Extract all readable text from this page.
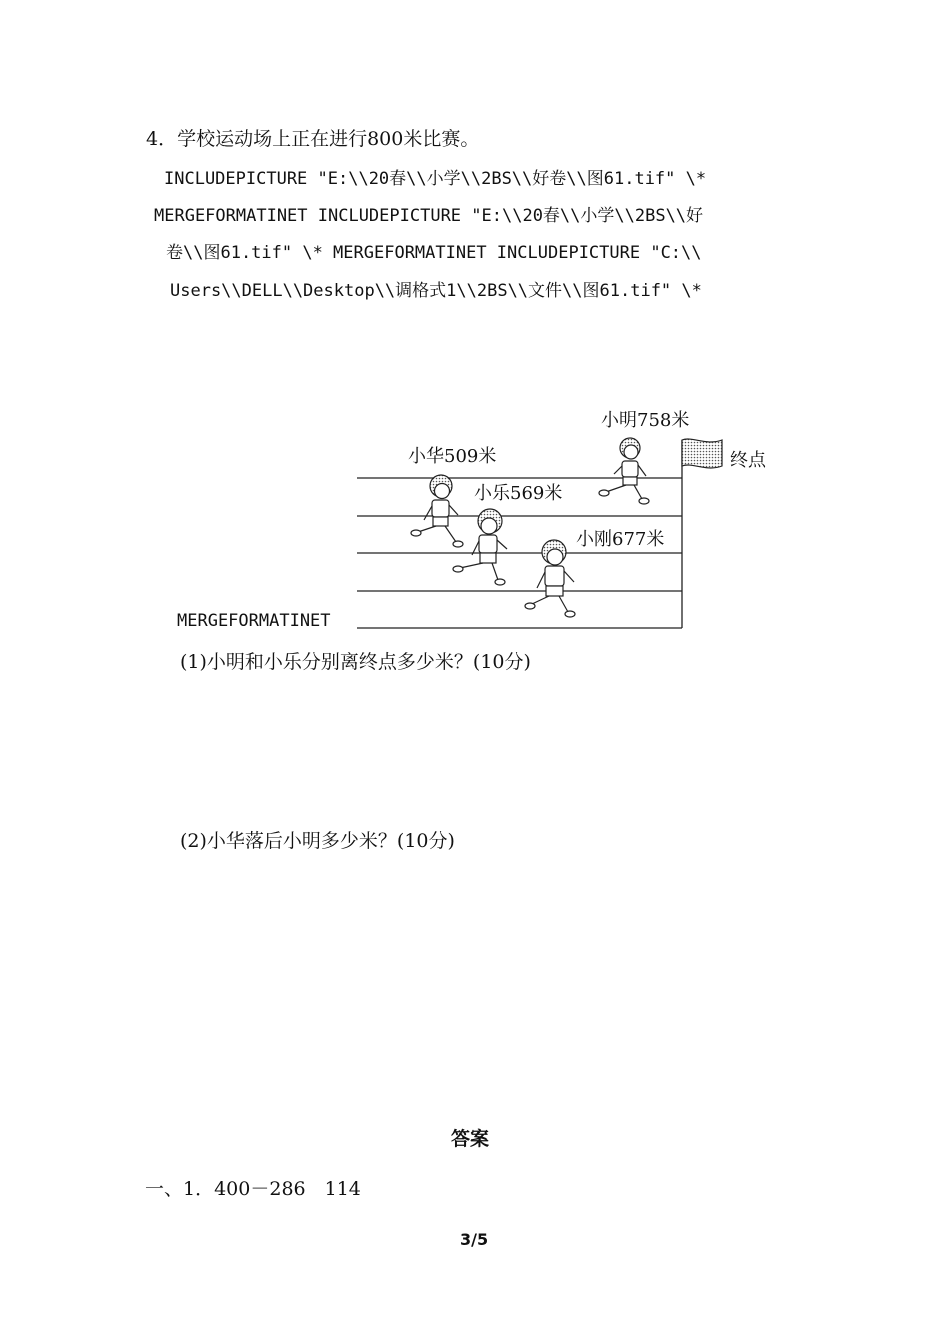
4．学校运动场上正在进行800米比赛。
INCLUDEPICTURE "E:\\20春\\小学\\2BS\\好卷\\图61.tif" \*
MERGEFORMATINET INCLUDEPICTURE "E:\\20春\\小学\\2BS\\好
卷\\图61.tif" \* MERGEFORMATINET INCLUDEPICTURE "C:\\
Users\\DELL\\Desktop\\调格式1\\2BS\\文件\\图61.tif" \*
MERGEFORMATINET
小明758米
小华509米
小乐569米
小刚677米
终点
(1)小明和小乐分别离终点多少米？(10分)
(2)小华落后小明多少米？(10分)
答案
一、1．400－286　114
3/5
